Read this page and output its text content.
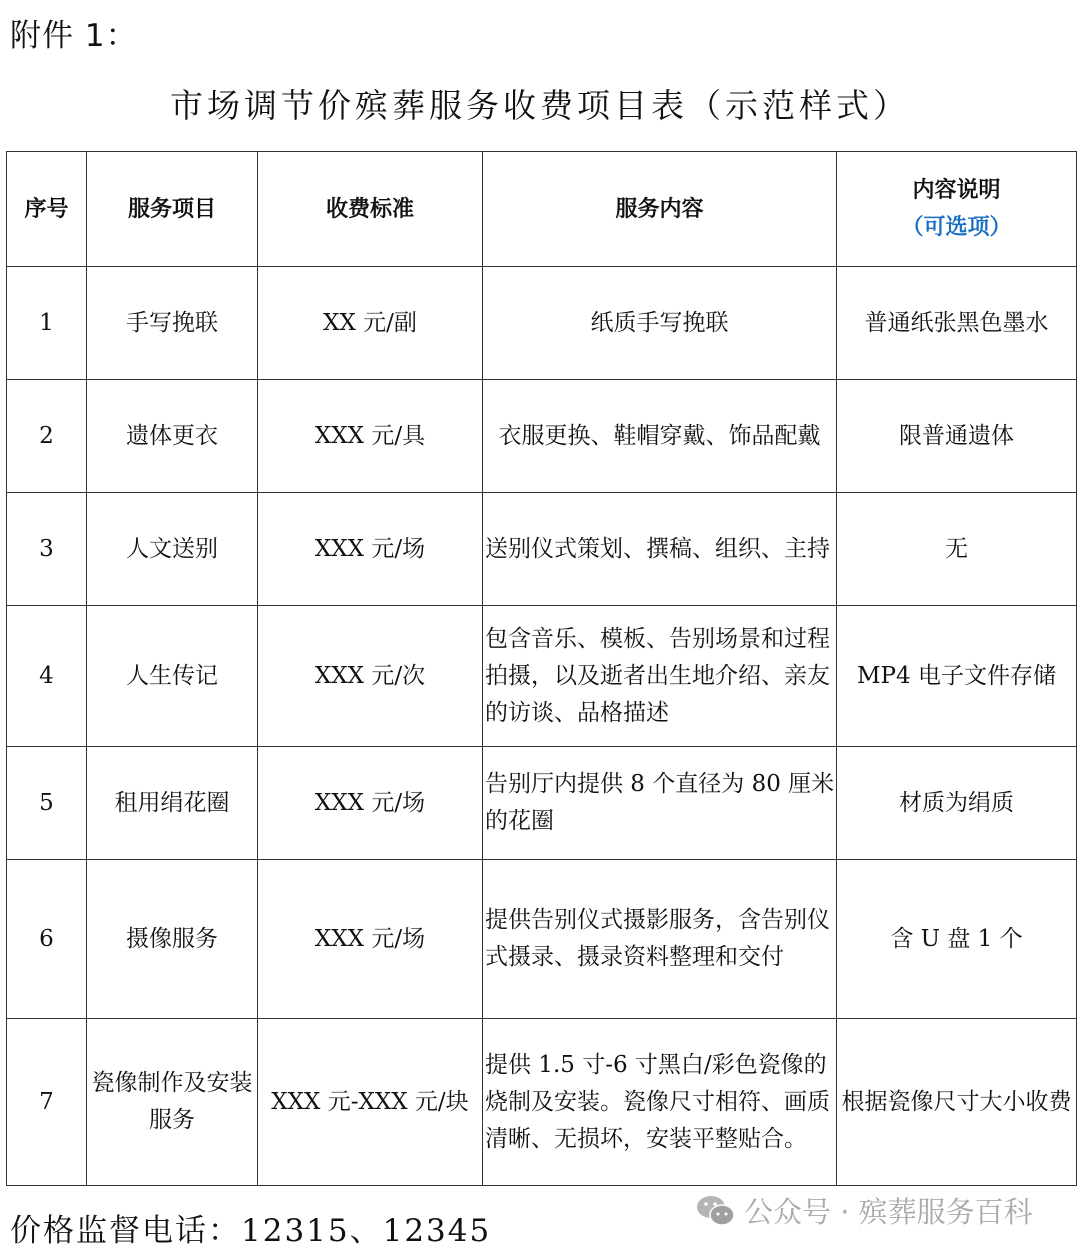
附件 1：
市场调节价殡葬服务收费项目表（示范样式）
序号	服务项目	收费标准	服务内容	内容说明
（可选项）

1	手写挽联	XX 元/副	纸质手写挽联	普通纸张黑色墨水
2	遗体更衣	XXX 元/具	衣服更换、鞋帽穿戴、饰品配戴	限普通遗体
3	人文送别	XXX 元/场	送别仪式策划、撰稿、组织、主持	无
4	人生传记	XXX 元/次	包含音乐、模板、告别场景和过程拍摄，以及逝者出生地介绍、亲友的访谈、品格描述	MP4 电子文件存储
5	租用绢花圈	XXX 元/场	告别厅内提供 8 个直径为 80 厘米的花圈	材质为绢质
6	摄像服务	XXX 元/场	提供告别仪式摄影服务，含告别仪式摄录、摄录资料整理和交付	含 U 盘 1 个
7	瓷像制作及安装服务	XXX 元-XXX 元/块	提供 1.5 寸-6 寸黑白/彩色瓷像的烧制及安装。瓷像尺寸相符、画质清晰、无损坏，安装平整贴合。	根据瓷像尺寸大小收费
价格监督电话：12315、12345
公众号 · 殡葬服务百科
